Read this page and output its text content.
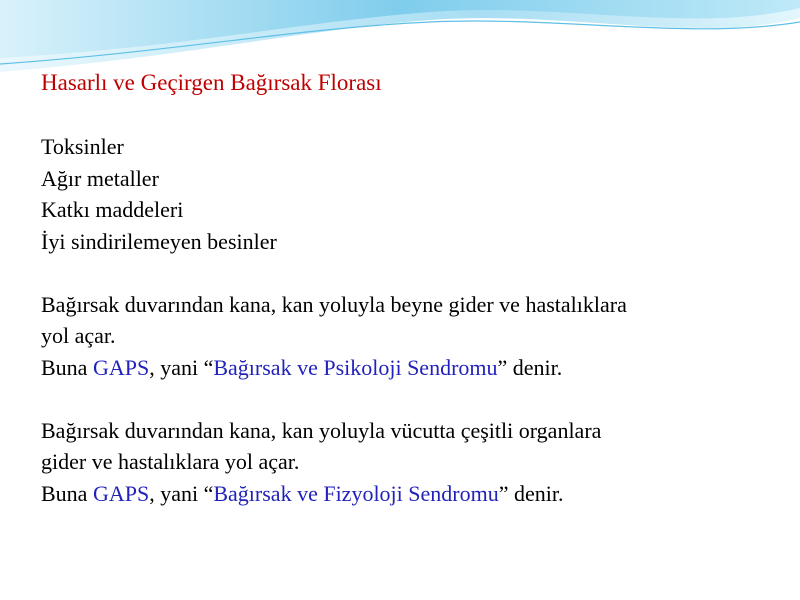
Hasarlı ve Geçirgen Bağırsak Florası

Toksinler

Ağır metaller

Katkı maddeleri

İyi sindirilemeyen besinler

Bağırsak duvarından kana, kan yoluyla beyne gider ve hastalıklara

yol açar.

Buna GAPS, yani “Bağırsak ve Psikoloji Sendromu” denir.

Bağırsak duvarından kana, kan yoluyla vücutta çeşitli organlara

gider ve hastalıklara yol açar.

Buna GAPS, yani “Bağırsak ve Fizyoloji Sendromu” denir.
